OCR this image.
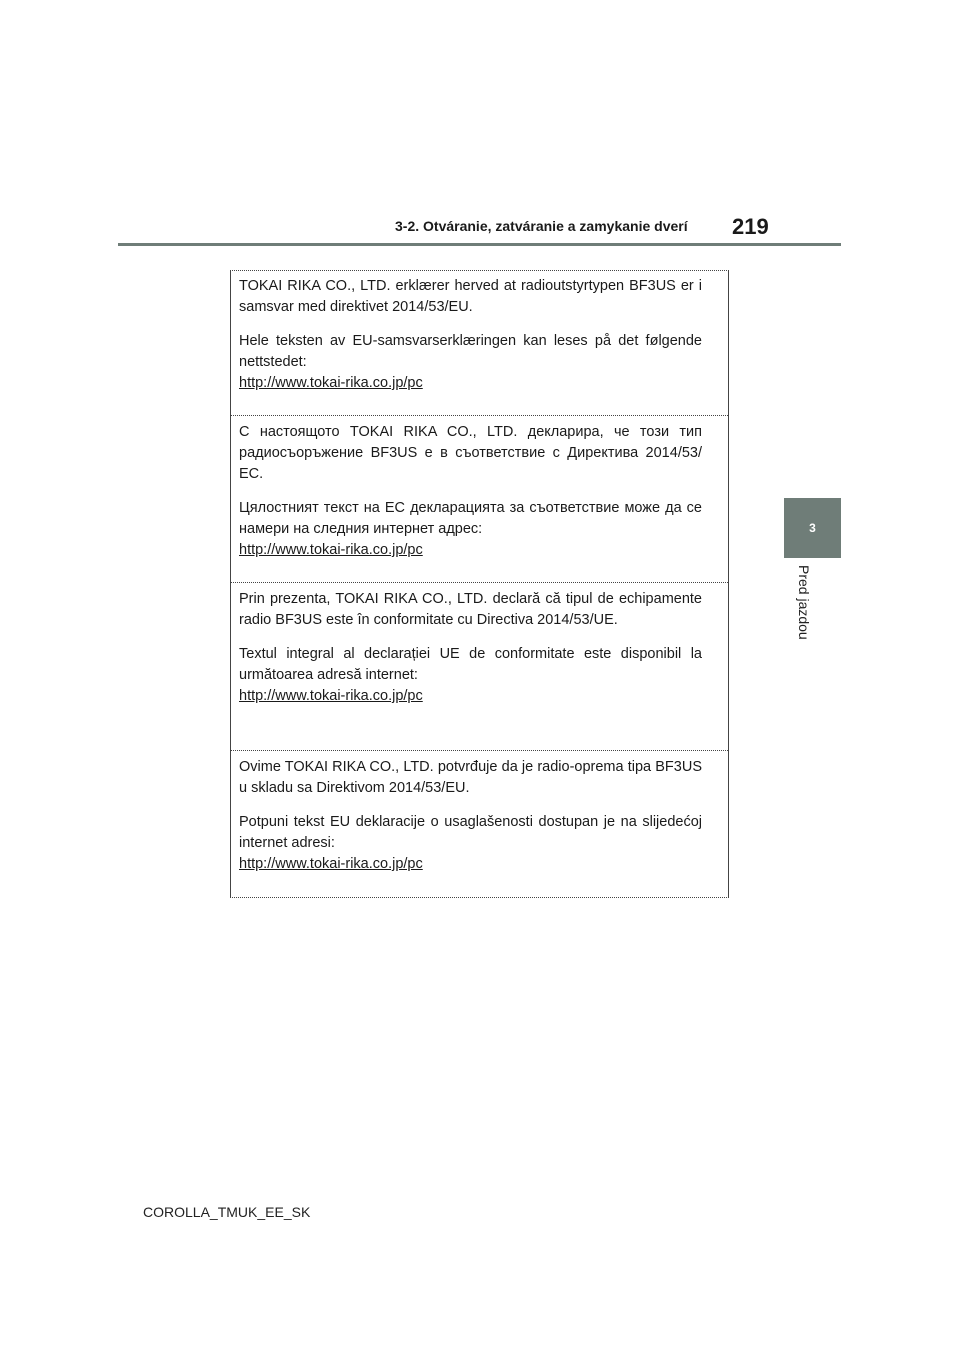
3-2. Otváranie, zatváranie a zamykanie dverí	219
3
Pred jazdou

TOKAI RIKA CO., LTD. erklærer herved at radioutstyrtypen BF3US er i samsvar med direktivet 2014/53/EU.

Hele teksten av EU-samsvarserklæringen kan leses på det følgende nettstedet:

http://www.tokai-rika.co.jp/pc

С настоящото TOKAI RIKA CO., LTD. декларира, че този тип радиосъоръжение BF3US е в съответствие с Директива 2014/53/ЕС.

Цялостният текст на ЕС декларацията за съответствие може да се намери на следния интернет адрес:

http://www.tokai-rika.co.jp/pc

Prin prezenta, TOKAI RIKA CO., LTD. declară că tipul de echipamente radio BF3US este în conformitate cu Directiva 2014/53/UE.

Textul integral al declarației UE de conformitate este disponibil la următoarea adresă internet:

http://www.tokai-rika.co.jp/pc

Ovime TOKAI RIKA CO., LTD. potvrđuje da je radio-oprema tipa BF3US u skladu sa Direktivom 2014/53/EU.

Potpuni tekst EU deklaracije o usaglašenosti dostupan je na slijedećoj internet adresi:

http://www.tokai-rika.co.jp/pc

COROLLA_TMUK_EE_SK
